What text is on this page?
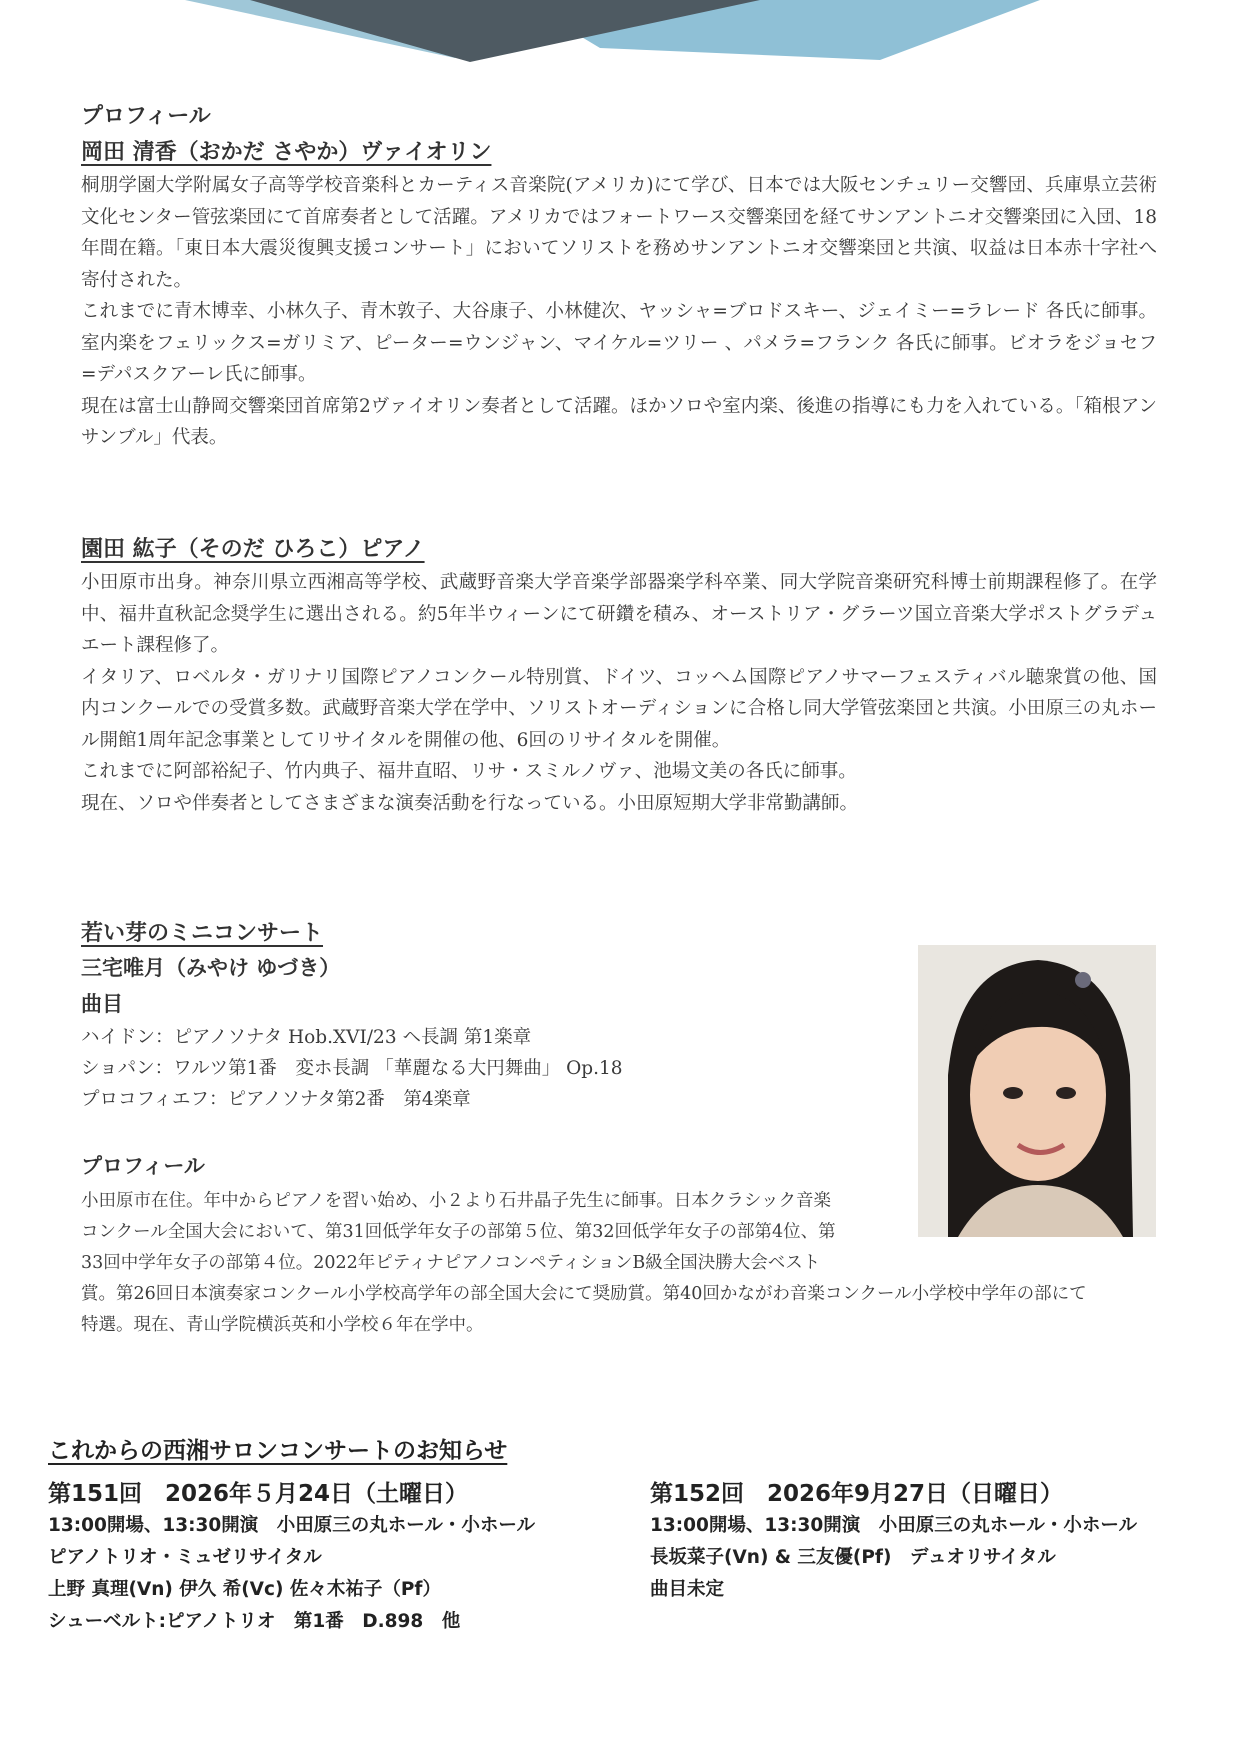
プロフィール
岡田 清香（おかだ さやか）ヴァイオリン

桐朋学園大学附属女子高等学校音楽科とカーティス音楽院(アメリカ)にて学び、日本では大阪センチュリー交響団、兵庫県立芸術文化センター管弦楽団にて首席奏者として活躍。アメリカではフォートワース交響楽団を経てサンアントニオ交響楽団に入団、18年間在籍。「東日本大震災復興支援コンサート」においてソリストを務めサンアントニオ交響楽団と共演、収益は日本赤十字社へ寄付された。

これまでに青木博幸、小林久子、青木敦子、大谷康子、小林健次、ヤッシャ=ブロドスキー、ジェイミー=ラレード 各氏に師事。室内楽をフェリックス=ガリミア、ピーター=ウンジャン、マイケル=ツリー 、パメラ=フランク 各氏に師事。ビオラをジョセフ=デパスクアーレ氏に師事。

現在は富士山静岡交響楽団首席第2ヴァイオリン奏者として活躍。ほかソロや室内楽、後進の指導にも力を入れている。「箱根アンサンブル」代表。

園田 紘子（そのだ ひろこ）ピアノ

小田原市出身。神奈川県立西湘高等学校、武蔵野音楽大学音楽学部器楽学科卒業、同大学院音楽研究科博士前期課程修了。在学中、福井直秋記念奨学生に選出される。約5年半ウィーンにて研鑽を積み、オーストリア・グラーツ国立音楽大学ポストグラデュエート課程修了。

イタリア、ロベルタ・ガリナリ国際ピアノコンクール特別賞、ドイツ、コッヘム国際ピアノサマーフェスティバル聴衆賞の他、国内コンクールでの受賞多数。武蔵野音楽大学在学中、ソリストオーディションに合格し同大学管弦楽団と共演。小田原三の丸ホール開館1周年記念事業としてリサイタルを開催の他、6回のリサイタルを開催。

これまでに阿部裕紀子、竹内典子、福井直昭、リサ・スミルノヴァ、池場文美の各氏に師事。

現在、ソロや伴奏者としてさまざまな演奏活動を行なっている。小田原短期大学非常勤講師。

若い芽のミニコンサート
三宅唯月（みやけ ゆづき）
曲目

ハイドン：ピアノソナタ Hob.XVI/23 ヘ長調 第1楽章

ショパン：ワルツ第1番　変ホ長調 「華麗なる大円舞曲」 Op.18

プロコフィエフ：ピアノソナタ第2番　第4楽章

プロフィール

小田原市在住。年中からピアノを習い始め、小２より石井晶子先生に師事。日本クラシック音楽

コンクール全国大会において、第31回低学年女子の部第５位、第32回低学年女子の部第4位、第

33回中学年女子の部第４位。2022年ピティナピアノコンペティションB級全国決勝大会ベスト

賞。第26回日本演奏家コンクール小学校高学年の部全国大会にて奨励賞。第40回かながわ音楽コンクール小学校中学年の部にて

特選。現在、青山学院横浜英和小学校６年在学中。

これからの西湘サロンコンサートのお知らせ

第151回　2026年５月24日（土曜日）

13:00開場、13:30開演　小田原三の丸ホール・小ホール

ピアノトリオ・ミュゼリサイタル

上野 真理(Vn) 伊久 希(Vc) 佐々木祐子（Pf）

シューベルト:ピアノトリオ　第1番　D.898　他

第152回　2026年9月27日（日曜日）

13:00開場、13:30開演　小田原三の丸ホール・小ホール

長坂菜子(Vn) & 三友優(Pf)　デュオリサイタル

曲目未定
